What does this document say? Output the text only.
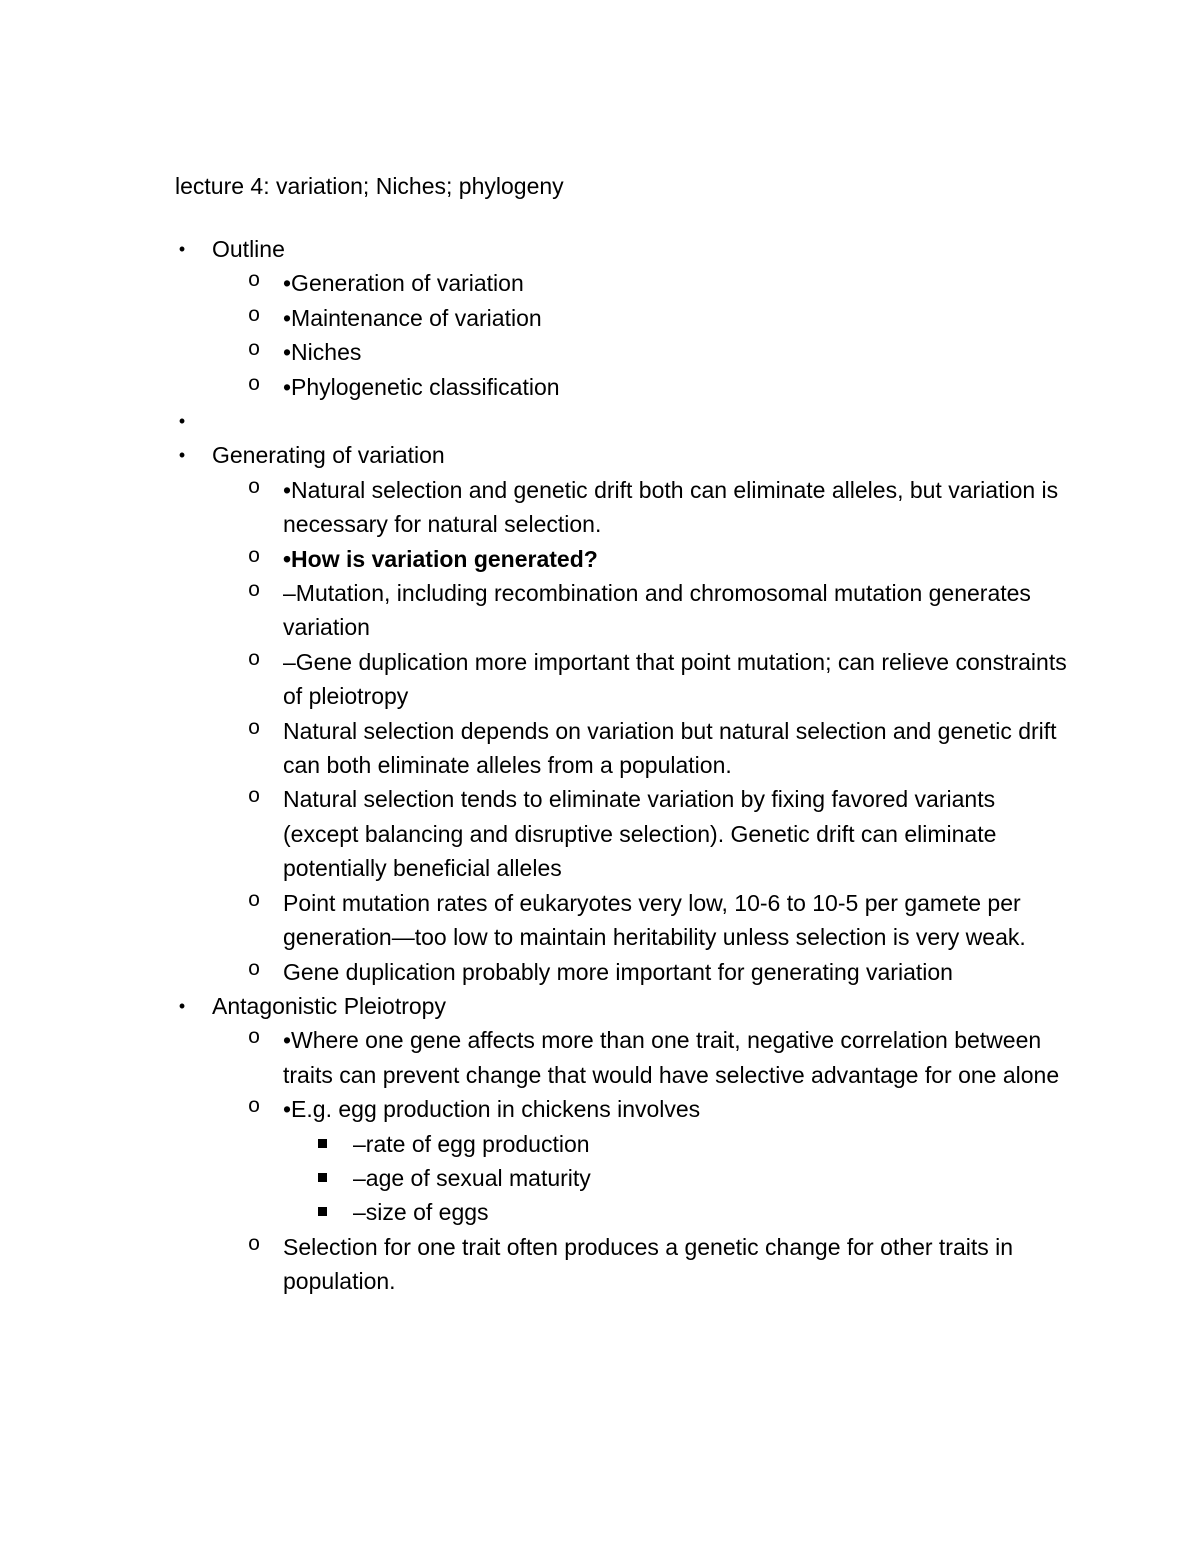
lecture 4: variation; Niches; phylogeny
• Outline
o •Generation of variation
o •Maintenance of variation
o •Niches
o •Phylogenetic classification
•
• Generating of variation
o •Natural selection and genetic drift both can eliminate alleles, but variation is necessary for natural selection.
o •How is variation generated?
o –Mutation, including recombination and chromosomal mutation generates variation
o –Gene duplication more important that point mutation; can relieve constraints of pleiotropy
o Natural selection depends on variation but natural selection and genetic drift can both eliminate alleles from a population.
o Natural selection tends to eliminate variation by fixing favored variants (except balancing and disruptive selection). Genetic drift can eliminate potentially beneficial alleles
o Point mutation rates of eukaryotes very low, 10-6 to 10-5 per gamete per generation—too low to maintain heritability unless selection is very weak.
o Gene duplication probably more important for generating variation
• Antagonistic Pleiotropy
o •Where one gene affects more than one trait, negative correlation between traits can prevent change that would have selective advantage for one alone
o •E.g. egg production in chickens involves
–rate of egg production
–age of sexual maturity
–size of eggs
o Selection for one trait often produces a genetic change for other traits in population.
